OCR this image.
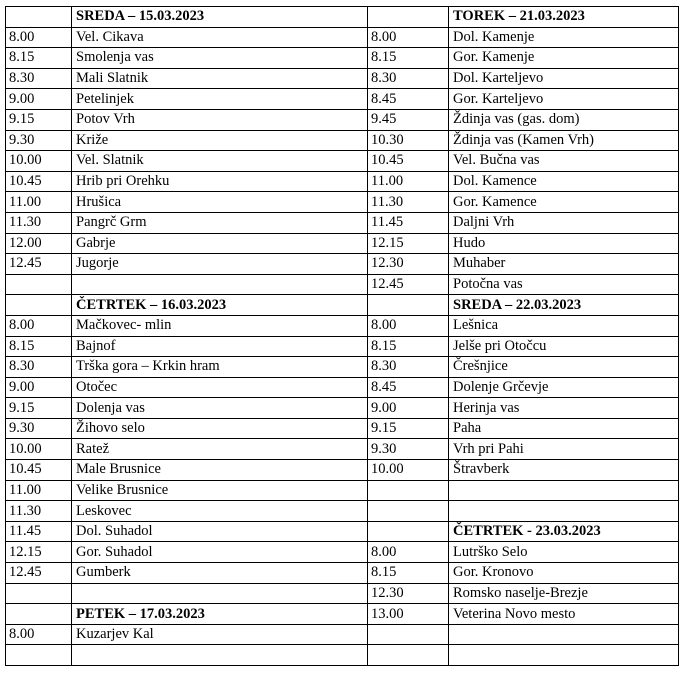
	SREDA – 15.03.2023		TOREK – 21.03.2023
8.00	Vel. Cikava	8.00	Dol. Kamenje
8.15	Smolenja vas	8.15	Gor. Kamenje
8.30	Mali Slatnik	8.30	Dol. Karteljevo
9.00	Petelinjek	8.45	Gor. Karteljevo
9.15	Potov Vrh	9.45	Ždinja vas (gas. dom)
9.30	Križe	10.30	Ždinja vas (Kamen Vrh)
10.00	Vel. Slatnik	10.45	Vel. Bučna vas
10.45	Hrib pri Orehku	11.00	Dol. Kamence
11.00	Hrušica	11.30	Gor. Kamence
11.30	Pangrč Grm	11.45	Daljni Vrh
12.00	Gabrje	12.15	Hudo
12.45	Jugorje	12.30	Muhaber
		12.45	Potočna vas
	ČETRTEK – 16.03.2023		SREDA – 22.03.2023
8.00	Mačkovec- mlin	8.00	Lešnica
8.15	Bajnof	8.15	Jelše pri Otočcu
8.30	Trška gora – Krkin hram	8.30	Črešnjice
9.00	Otočec	8.45	Dolenje Grčevje
9.15	Dolenja vas	9.00	Herinja vas
9.30	Žihovo selo	9.15	Paha
10.00	Ratež	9.30	Vrh pri Pahi
10.45	Male Brusnice	10.00	Štravberk
11.00	Velike Brusnice		
11.30	Leskovec		
11.45	Dol. Suhadol		ČETRTEK - 23.03.2023
12.15	Gor. Suhadol	8.00	Lutrško Selo
12.45	Gumberk	8.15	Gor. Kronovo
		12.30	Romsko naselje-Brezje
	PETEK – 17.03.2023	13.00	Veterina Novo mesto
8.00	Kuzarjev Kal		
